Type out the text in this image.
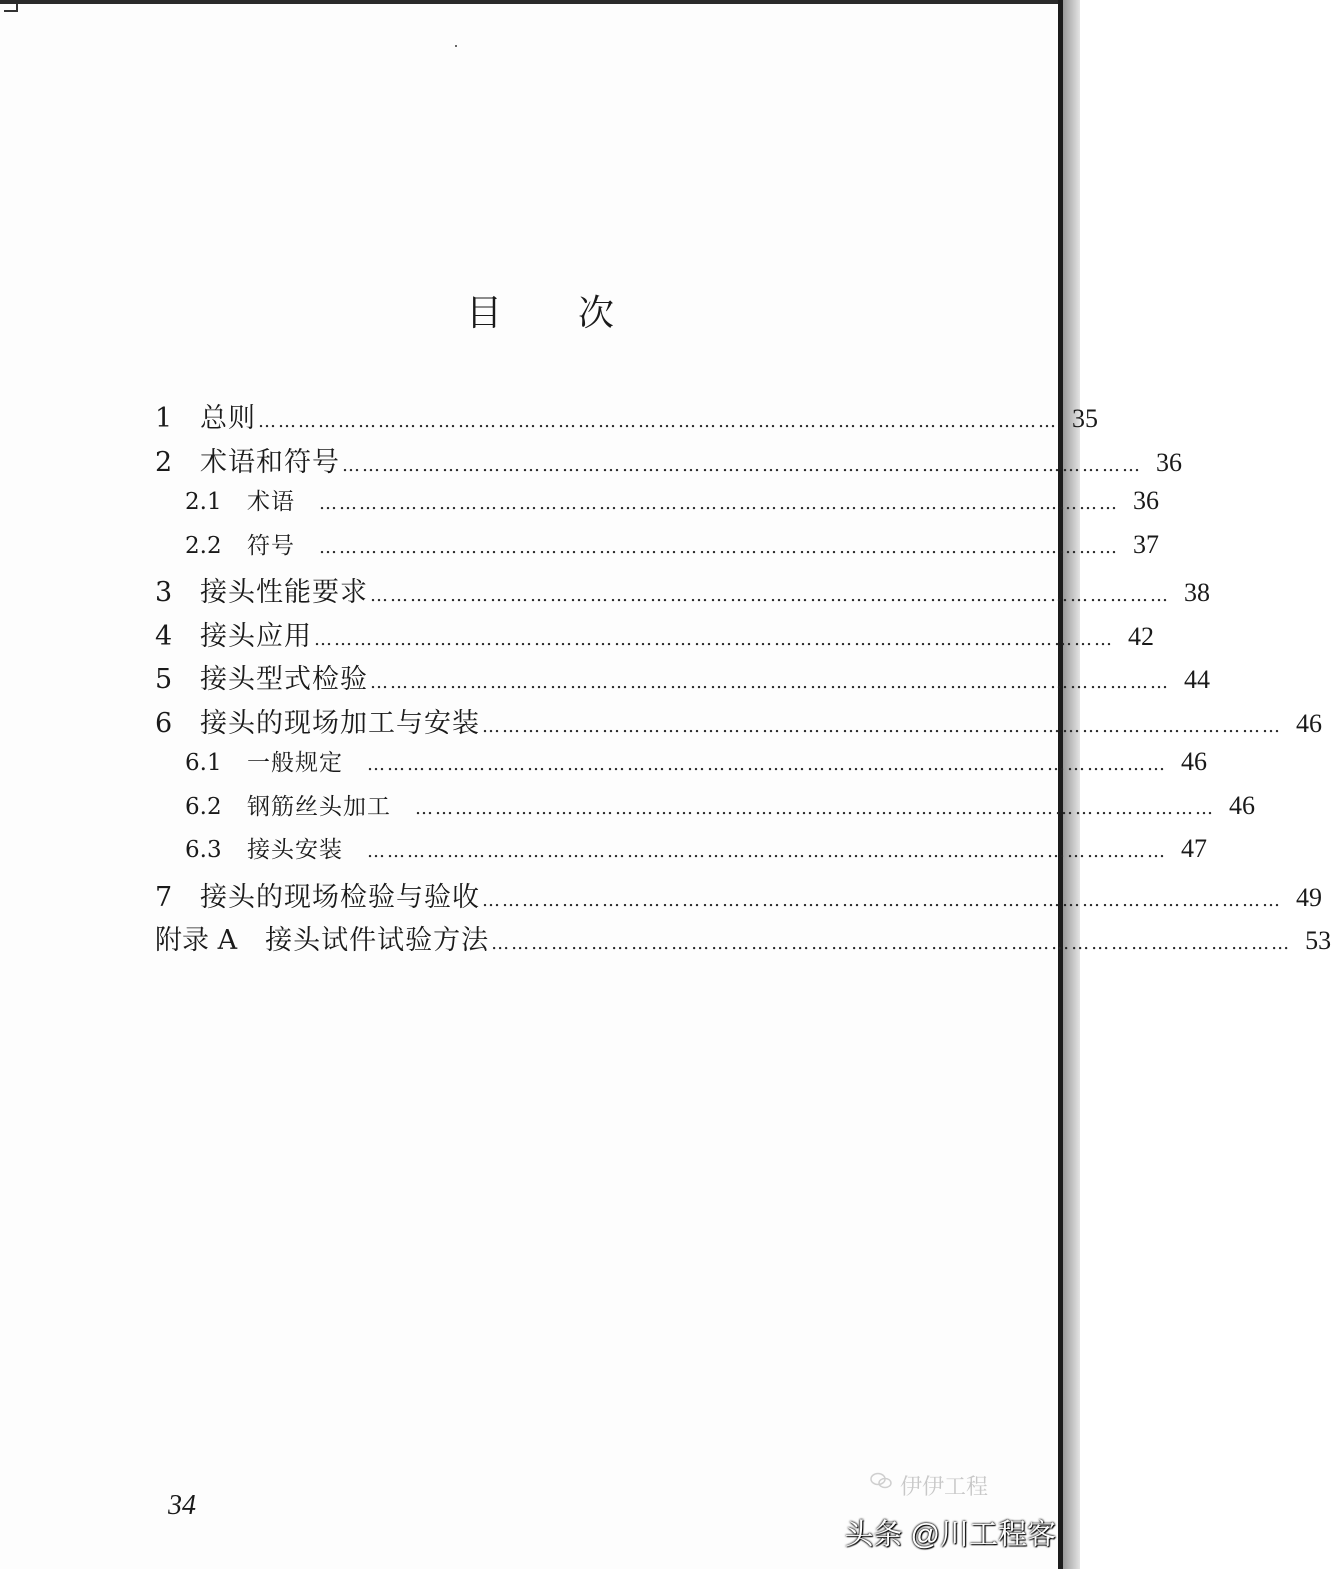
目次
1	总则 ………………………………………………………………………………………………………… 35
2	术语和符号 ………………………………………………………………………………………………………… 36
2.1	术语 ………………………………………………………………………………………………………… 36
2.2	符号 ………………………………………………………………………………………………………… 37
3	接头性能要求 ………………………………………………………………………………………………………… 38
4	接头应用 ………………………………………………………………………………………………………… 42
5	接头型式检验 ………………………………………………………………………………………………………… 44
6	接头的现场加工与安装 ………………………………………………………………………………………………………… 46
6.1	一般规定 ………………………………………………………………………………………………………… 46
6.2	钢筋丝头加工 ………………………………………………………………………………………………………… 46
6.3	接头安装 ………………………………………………………………………………………………………… 47
7	接头的现场检验与验收 ………………………………………………………………………………………………………… 49
附录 A 接头试件试验方法 ………………………………………………………………………………………………………… 53
34
伊伊工程
头条 @川工程客
